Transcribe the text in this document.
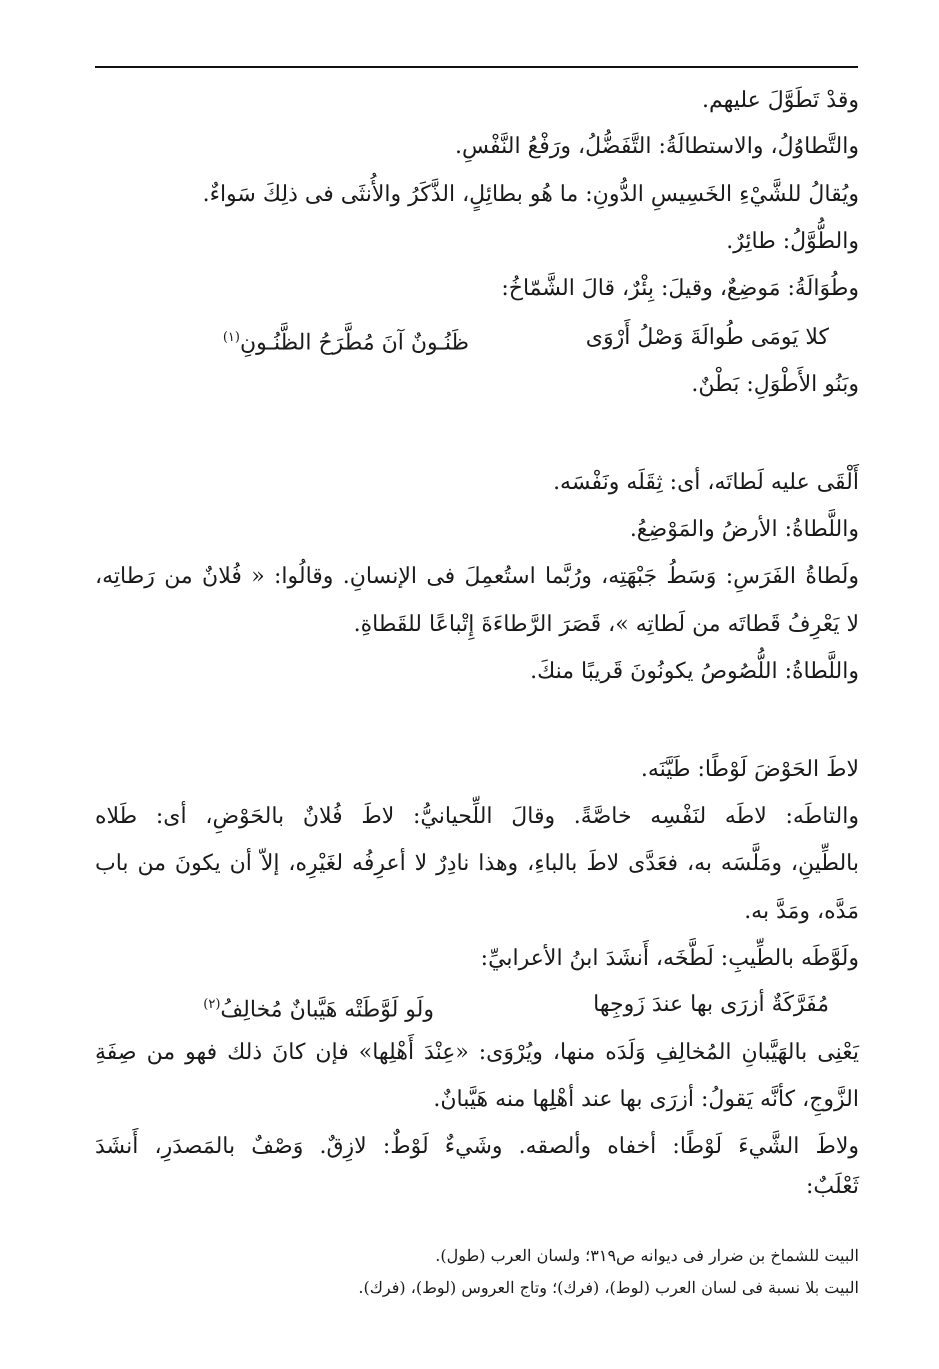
وقدْ تَطَوَّلَ عليهم.
والتَّطاوُلُ، والاستطالَةُ: التَّفَضُّلُ، ورَفْعُ النَّفْسِ.
ويُقالُ للشَّيْءِ الخَسِيسِ الدُّونِ: ما هُو بطائِلٍ، الذَّكَرُ والأُنثَى فى ذلِكَ سَواءٌ.
والطُّوَّلُ: طائِرٌ.
وطُوَالَةُ: مَوضِعٌ، وقيلَ: بِئْرٌ، قالَ الشَّمّاخُ:
كلا يَومَى طُوالَةَ وَصْلُ أَرْوَى
ظَنُـونٌ آنَ مُطَّرَحُ الظَّنُـونِ$^{(١)}$
وبَنُو الأَطْوَلِ: بَطْنٌ.
أَلْقَى عليه لَطاتَه، أى: ثِقَلَه ونَفْسَه.
واللَّطاةُ: الأرضُ والمَوْضِعُ.
ولَطاةُ الفَرَسِ: وَسَطُ جَبْهَتِه، ورُبَّما استُعمِلَ فى الإنسانِ. وقالُوا: « فُلانٌ من رَطاتِه،
لا يَعْرِفُ قَطاتَه من لَطاتِه »، قَصَرَ الرَّطاءَةَ إِتْباعًا للقَطاةِ.
واللَّطاةُ: اللُّصُوصُ يكونُونَ قَريبًا منكَ.
لاطَ الحَوْضَ لَوْطًا: طَيَّنَه.
والتاطَه: لاطَه لنَفْسِه خاصَّةً. وقالَ اللِّحيانيُّ: لاطَ فُلانٌ بالحَوْضِ، أى: طَلاه
بالطِّينِ، ومَلَّسَه به، فعَدَّى لاطَ بالباءِ، وهذا نادِرٌ لا أعرِفُه لغَيْرِه، إلاّ أن يكونَ من باب
مَدَّه، ومَدَّ به.
ولَوَّطَه بالطِّيبِ: لَطَّخَه، أَنشَدَ ابنُ الأعرابيِّ:
مُفَرَّكَةٌ أزرَى بها عندَ زَوجِها
ولَو لَوَّطَتْه هَيَّبانٌ مُخالِفُ$^{(٢)}$
يَعْنِى بالهَيَّبانِ المُخالِفِ وَلَدَه منها، ويُرْوَى: «عِنْدَ أَهْلِها» فإن كانَ ذلك فهو من صِفَةِ
الزَّوجِ، كأنَّه يَقولُ: أزرَى بها عند أهْلِها منه هَيَّبانٌ.
ولاطَ الشَّيءَ لَوْطًا: أخفاه وألصقه. وشَيءٌ لَوْطٌ: لازِقٌ. وَصْفٌ بالمَصدَرِ، أَنشَدَ
ثَعْلَبٌ:
البيت للشماخ بن ضرار فى ديوانه ص٣١٩؛ ولسان العرب (طول).
البيت بلا نسبة فى لسان العرب (لوط)، (فرك)؛ وتاج العروس (لوط)، (فرك).
